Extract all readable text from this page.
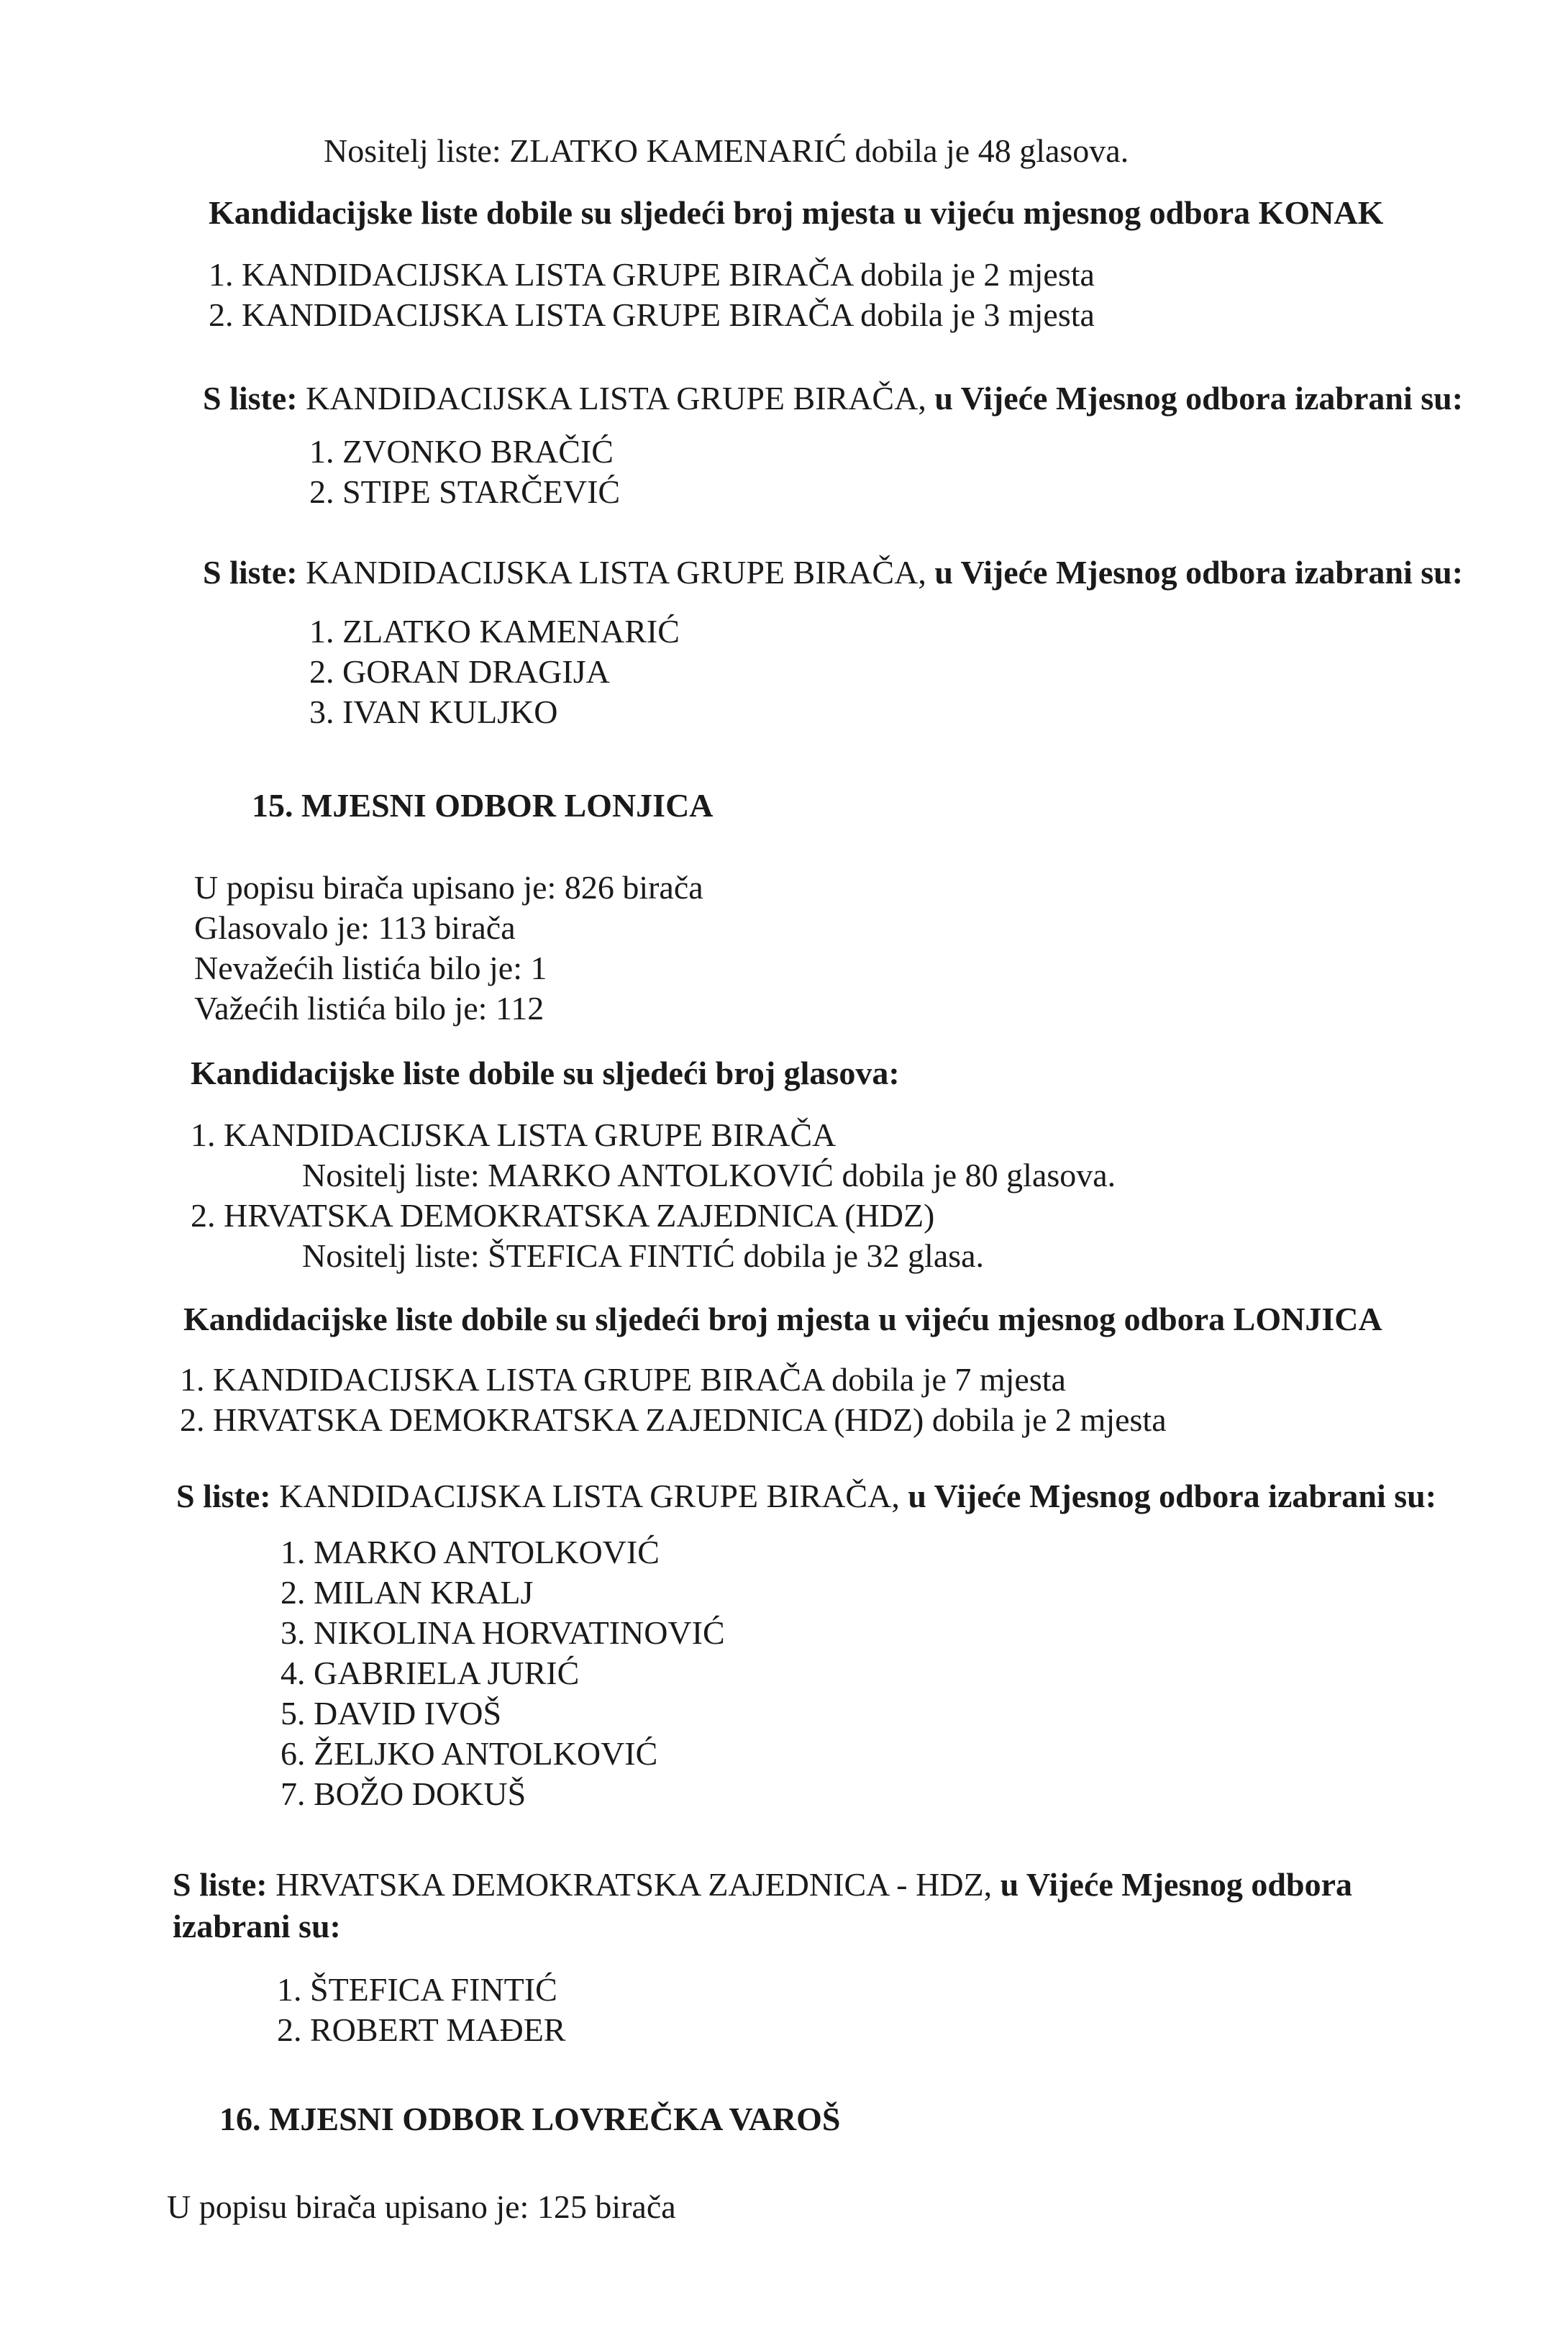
Nositelj liste: ZLATKO KAMENARIĆ dobila je 48 glasova.
Kandidacijske liste dobile su sljedeći broj mjesta u vijeću mjesnog odbora KONAK
1. KANDIDACIJSKA LISTA GRUPE BIRAČA dobila je 2 mjesta
2. KANDIDACIJSKA LISTA GRUPE BIRAČA dobila je 3 mjesta
S liste: KANDIDACIJSKA LISTA GRUPE BIRAČA, u Vijeće Mjesnog odbora izabrani su:
1. ZVONKO BRAČIĆ
2. STIPE STARČEVIĆ
S liste: KANDIDACIJSKA LISTA GRUPE BIRAČA, u Vijeće Mjesnog odbora izabrani su:
1. ZLATKO KAMENARIĆ
2. GORAN DRAGIJA
3. IVAN KULJKO
15. MJESNI ODBOR LONJICA
U popisu birača upisano je: 826 birača
Glasovalo je: 113 birača
Nevažećih listića bilo je: 1
Važećih listića bilo je: 112
Kandidacijske liste dobile su sljedeći broj glasova:
1. KANDIDACIJSKA LISTA GRUPE BIRAČA
Nositelj liste: MARKO ANTOLKOVIĆ dobila je 80 glasova.
2. HRVATSKA DEMOKRATSKA ZAJEDNICA (HDZ)
Nositelj liste: ŠTEFICA FINTIĆ dobila je 32 glasa.
Kandidacijske liste dobile su sljedeći broj mjesta u vijeću mjesnog odbora LONJICA
1. KANDIDACIJSKA LISTA GRUPE BIRAČA dobila je 7 mjesta
2. HRVATSKA DEMOKRATSKA ZAJEDNICA (HDZ) dobila je 2 mjesta
S liste: KANDIDACIJSKA LISTA GRUPE BIRAČA, u Vijeće Mjesnog odbora izabrani su:
1. MARKO ANTOLKOVIĆ
2. MILAN KRALJ
3. NIKOLINA HORVATINOVIĆ
4. GABRIELA JURIĆ
5. DAVID IVOŠ
6. ŽELJKO ANTOLKOVIĆ
7. BOŽO DOKUŠ
S liste: HRVATSKA DEMOKRATSKA ZAJEDNICA - HDZ, u Vijeće Mjesnog odbora
izabrani su:
1. ŠTEFICA FINTIĆ
2. ROBERT MAĐER
16. MJESNI ODBOR LOVREČKA VAROŠ
U popisu birača upisano je: 125 birača
